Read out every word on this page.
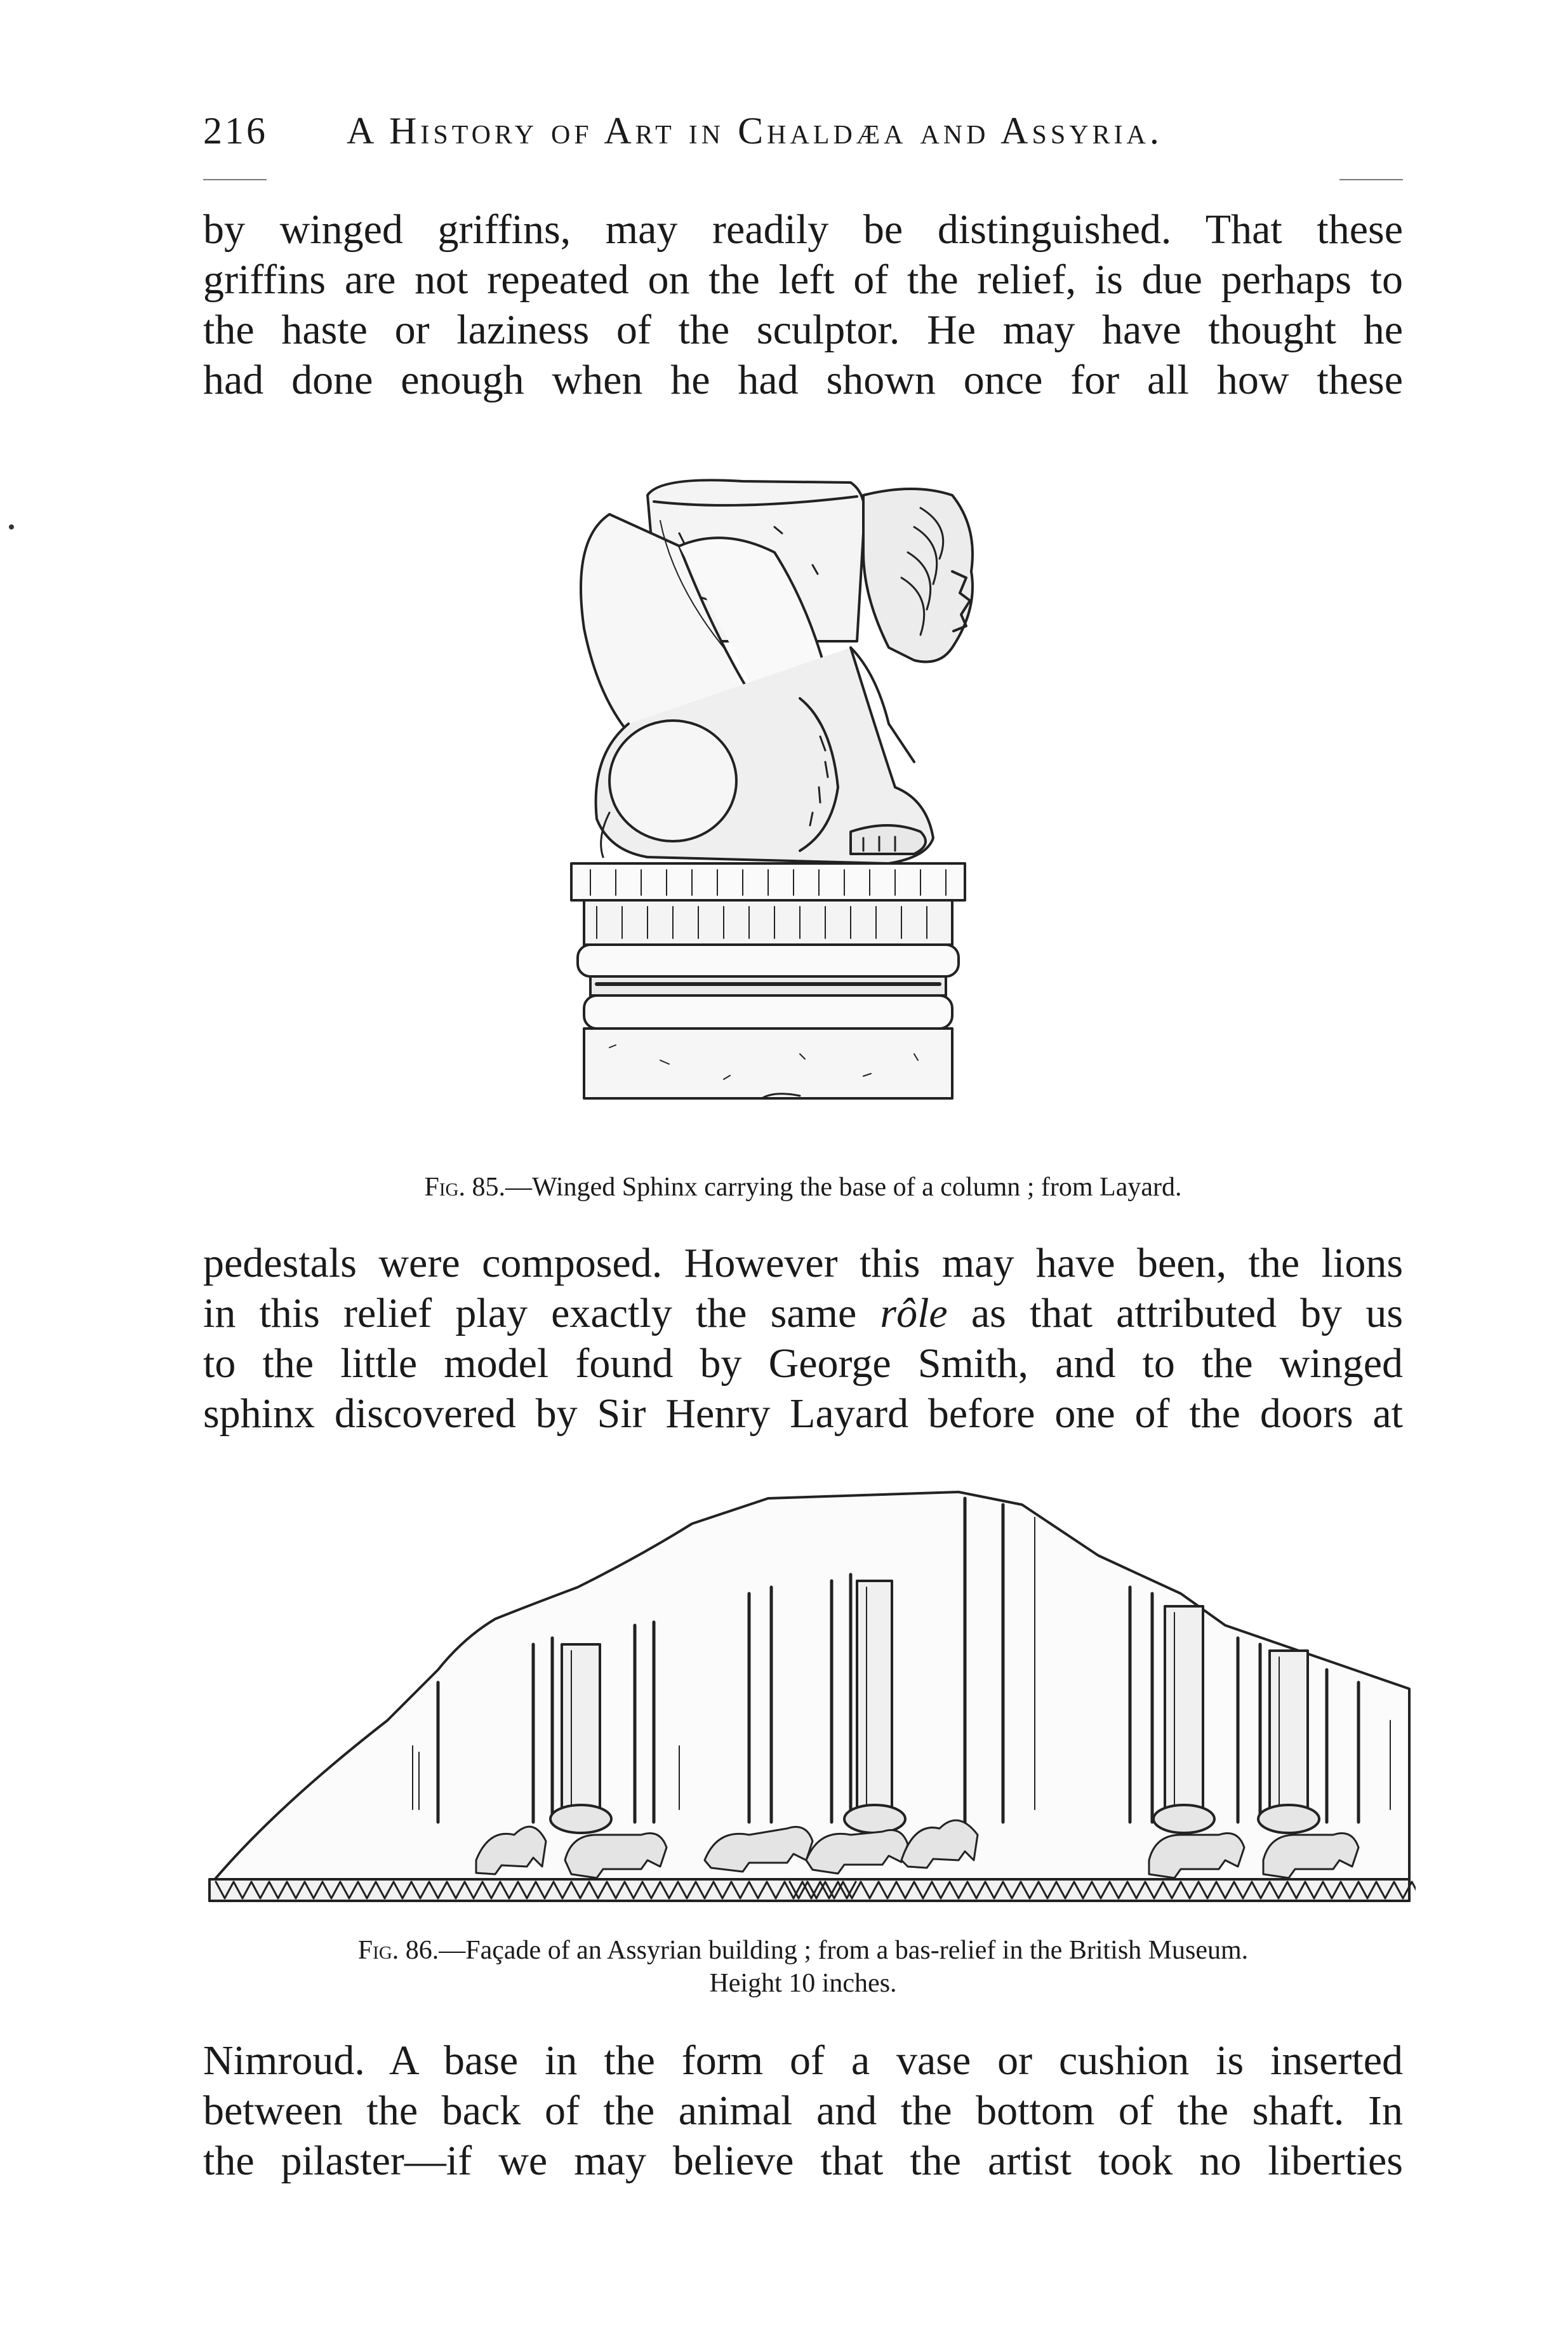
216 A History of Art in Chaldæa and Assyria.
by winged griffins, may readily be distinguished. That these
griffins are not repeated on the left of the relief, is due perhaps to
the haste or laziness of the sculptor. He may have thought he
had done enough when he had shown once for all how these
Fig. 85.—Winged Sphinx carrying the base of a column ; from Layard.
pedestals were composed. However this may have been, the lions
in this relief play exactly the same rôle as that attributed by us
to the little model found by George Smith, and to the winged
sphinx discovered by Sir Henry Layard before one of the doors at
Fig. 86.—Façade of an Assyrian building ; from a bas-relief in the British Museum.
Height 10 inches.
Nimroud. A base in the form of a vase or cushion is inserted
between the back of the animal and the bottom of the shaft. In
the pilaster—if we may believe that the artist took no liberties
